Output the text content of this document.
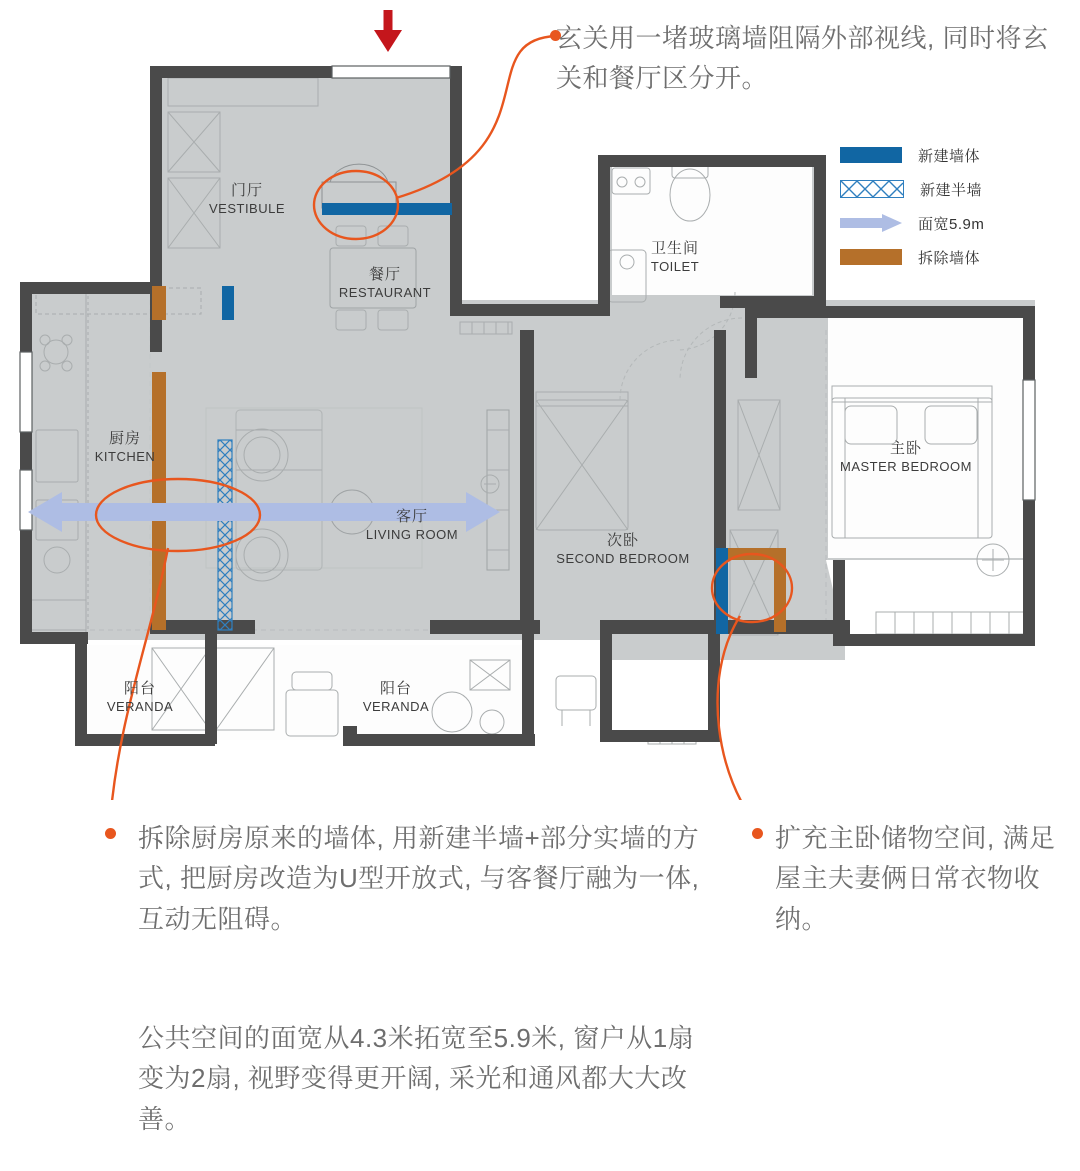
门厅
VESTIBULE
餐厅
RESTAURANT
卫生间
TOILET
厨房
KITCHEN
客厅
LIVING ROOM	次卧
SECOND BEDROOM
主卧
MASTER BEDROOM
阳台
VERANDA
阳台
VERANDA
新建墙体
新建半墙
面宽5.9m
拆除墙体
玄关用一堵玻璃墙阻隔外部视线, 同时将玄关和餐厅区分开。
拆除厨房原来的墙体, 用新建半墙+部分实墙的方式, 把厨房改造为U型开放式, 与客餐厅融为一体, 互动无阻碍。
公共空间的面宽从4.3米拓宽至5.9米, 窗户从1扇变为2扇, 视野变得更开阔, 采光和通风都大大改善。
扩充主卧储物空间, 满足屋主夫妻俩日常衣物收纳。
